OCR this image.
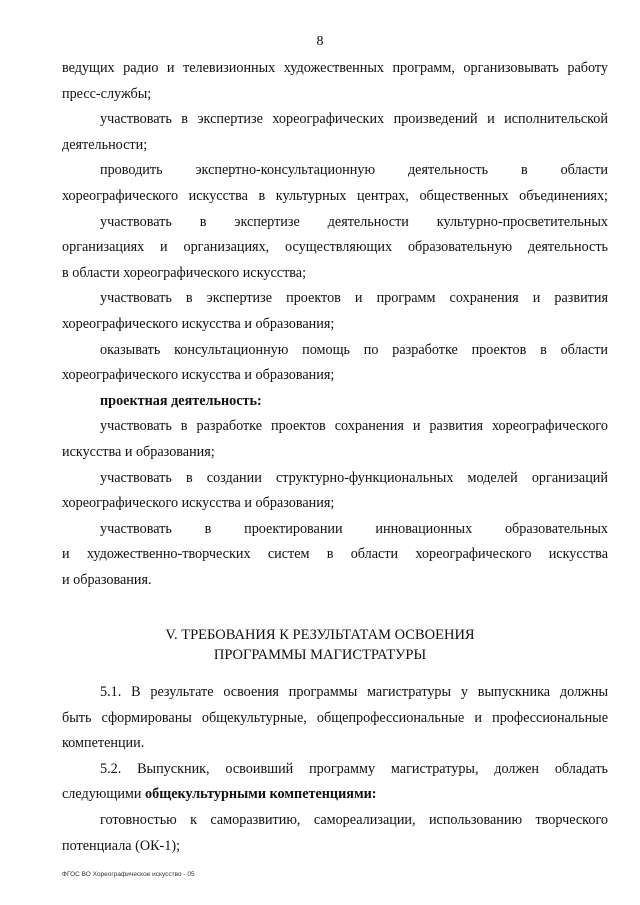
8
ведущих радио и телевизионных художественных программ, организовывать работу
пресс-службы;
участвовать в экспертизе хореографических произведений и исполнительской
деятельности;
проводить экспертно-консультационную деятельность в области
хореографического искусства в культурных центрах, общественных объединениях;
участвовать в экспертизе деятельности культурно-просветительных
организациях и организациях, осуществляющих образовательную деятельность
в области хореографического искусства;
участвовать в экспертизе проектов и программ сохранения и развития
хореографического искусства и образования;
оказывать консультационную помощь по разработке проектов в области
хореографического искусства и образования;
проектная деятельность:
участвовать в разработке проектов сохранения и развития хореографического
искусства и образования;
участвовать в создании структурно-функциональных моделей организаций
хореографического искусства и образования;
участвовать в проектировании инновационных образовательных
и художественно-творческих систем в области хореографического искусства
и образования.
V. ТРЕБОВАНИЯ К РЕЗУЛЬТАТАМ ОСВОЕНИЯ
ПРОГРАММЫ МАГИСТРАТУРЫ
5.1. В результате освоения программы магистратуры у выпускника должны
быть сформированы общекультурные, общепрофессиональные и профессиональные
компетенции.
5.2. Выпускник, освоивший программу магистратуры, должен обладать
следующими общекультурными компетенциями:
готовностью к саморазвитию, самореализации, использованию творческого
потенциала (ОК-1);
ФГОС ВО Хореографическое искусство - 05
